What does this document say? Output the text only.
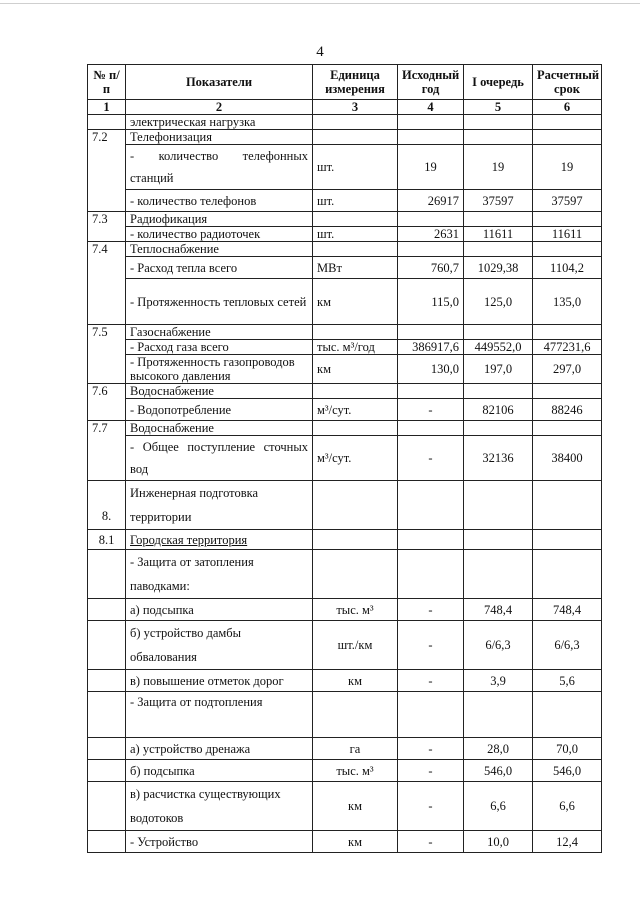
4
№ п/п	Показатели	Единица измерения	Исходный год	I очередь	Расчетный срок
1	2	3	4	5	6
	электрическая нагрузка				
7.2	Телефонизация				
	- количество телефонных станций	шт.	19	19	19
	- количество телефонов	шт.	26917	37597	37597
7.3	Радиофикация				
	- количество радиоточек	шт.	2631	11611	11611
7.4	Теплоснабжение				
	- Расход тепла всего	МВт	760,7	1029,38	1104,2
	- Протяженность тепловых сетей	км	115,0	125,0	135,0
7.5	Газоснабжение				
	- Расход газа всего	тыс. м³/год	386917,6	449552,0	477231,6
	- Протяженность газопроводов высокого давления	км	130,0	197,0	297,0
7.6	Водоснабжение				
	- Водопотребление	м³/сут.	-	82106	88246
7.7	Водоснабжение				
	- Общее поступление сточных вод	м³/сут.	-	32136	38400
8.	Инженерная подготовка территории				
8.1	Городская территория				
	- Защита от затопления паводками:				
	а) подсыпка	тыс. м³	-	748,4	748,4
	б) устройство дамбы обвалования	шт./км	-	6/6,3	6/6,3
	в) повышение отметок дорог	км	-	3,9	5,6
	- Защита от подтопления				
	а) устройство дренажа	га	-	28,0	70,0
	б) подсыпка	тыс. м³	-	546,0	546,0
	в) расчистка существующих водотоков	км	-	6,6	6,6
	- Устройство	км	-	10,0	12,4
